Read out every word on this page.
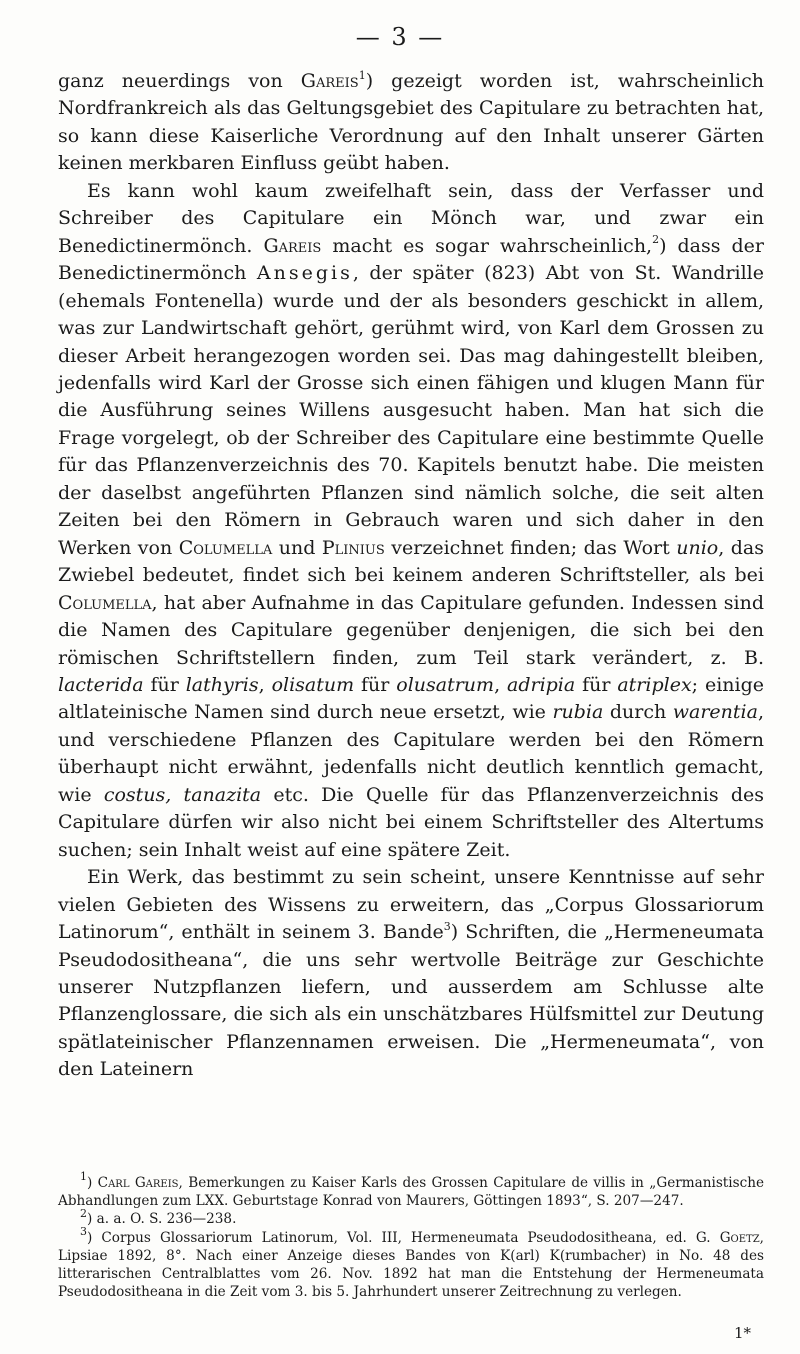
— 3 —

ganz neuerdings von Gareis$^1$) gezeigt worden ist, wahrscheinlich Nordfrankreich als das Geltungsgebiet des Capitulare zu betrachten hat, so kann diese Kaiserliche Verordnung auf den Inhalt unserer Gärten keinen merkbaren Einfluss geübt haben.

Es kann wohl kaum zweifelhaft sein, dass der Verfasser und Schreiber des Capitulare ein Mönch war, und zwar ein Benedictinermönch. Gareis macht es sogar wahrscheinlich,$^2$) dass der Benedictinermönch Ansegis, der später (823) Abt von St. Wandrille (ehemals Fontenella) wurde und der als besonders geschickt in allem, was zur Landwirtschaft gehört, gerühmt wird, von Karl dem Grossen zu dieser Arbeit herangezogen worden sei. Das mag dahingestellt bleiben, jedenfalls wird Karl der Grosse sich einen fähigen und klugen Mann für die Ausführung seines Willens ausgesucht haben. Man hat sich die Frage vorgelegt, ob der Schreiber des Capitulare eine bestimmte Quelle für das Pflanzenverzeichnis des 70. Kapitels benutzt habe. Die meisten der daselbst angeführten Pflanzen sind nämlich solche, die seit alten Zeiten bei den Römern in Gebrauch waren und sich daher in den Werken von Columella und Plinius verzeichnet finden; das Wort unio, das Zwiebel bedeutet, findet sich bei keinem anderen Schriftsteller, als bei Columella, hat aber Aufnahme in das Capitulare gefunden. Indessen sind die Namen des Capitulare gegenüber denjenigen, die sich bei den römischen Schriftstellern finden, zum Teil stark verändert, z. B. lacterida für lathyris, olisatum für olusatrum, adripia für atriplex; einige altlateinische Namen sind durch neue ersetzt, wie rubia durch warentia, und verschiedene Pflanzen des Capitulare werden bei den Römern überhaupt nicht erwähnt, jedenfalls nicht deutlich kenntlich gemacht, wie costus, tanazita etc. Die Quelle für das Pflanzenverzeichnis des Capitulare dürfen wir also nicht bei einem Schriftsteller des Altertums suchen; sein Inhalt weist auf eine spätere Zeit.

Ein Werk, das bestimmt zu sein scheint, unsere Kenntnisse auf sehr vielen Gebieten des Wissens zu erweitern, das „Corpus Glossariorum Latinorum“, enthält in seinem 3. Bande$^3$) Schriften, die „Hermeneumata Pseudodositheana“, die uns sehr wertvolle Beiträge zur Geschichte unserer Nutzpflanzen liefern, und ausserdem am Schlusse alte Pflanzenglossare, die sich als ein unschätzbares Hülfsmittel zur Deutung spätlateinischer Pflanzennamen erweisen. Die „Hermeneumata“, von den Lateinern

$^1$) Carl Gareis, Bemerkungen zu Kaiser Karls des Grossen Capitulare de villis in „Germanistische Abhandlungen zum LXX. Geburtstage Konrad von Maurers, Göttingen 1893“, S. 207—247.

$^2$) a. a. O. S. 236—238.

$^3$) Corpus Glossariorum Latinorum, Vol. III, Hermeneumata Pseudodositheana, ed. G. Goetz, Lipsiae 1892, 8°. Nach einer Anzeige dieses Bandes von K(arl) K(rumbacher) in No. 48 des litterarischen Centralblattes vom 26. Nov. 1892 hat man die Entstehung der Hermeneumata Pseudodositheana in die Zeit vom 3. bis 5. Jahrhundert unserer Zeitrechnung zu verlegen.

1*
